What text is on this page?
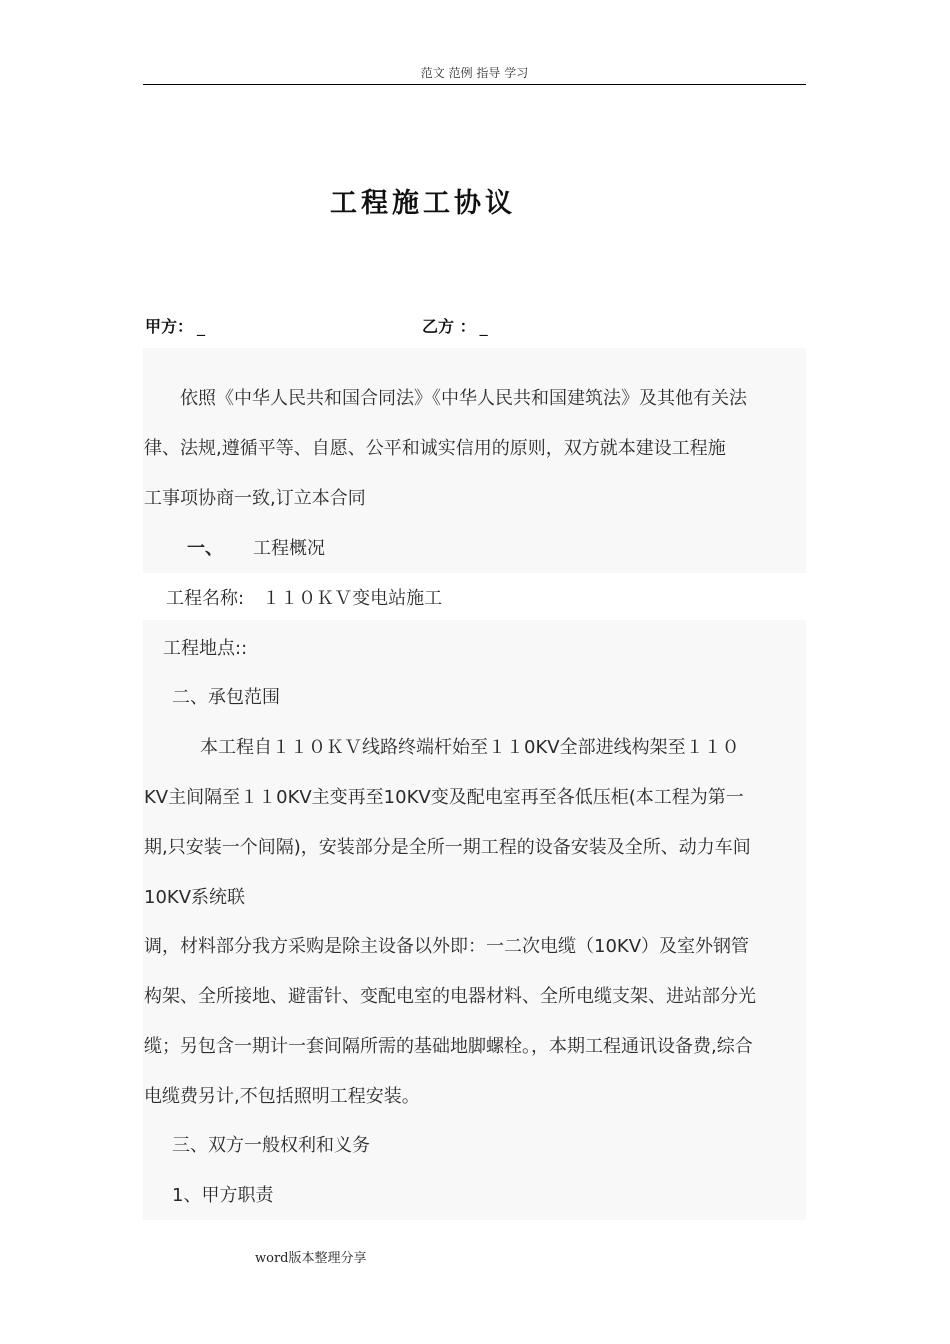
范文 范例 指导 学习
工程施工协议
甲方： _	乙方 ： _
依照《中华人民共和国合同法》《中华人民共和国建筑法》及其他有关法
律、法规,遵循平等、自愿、公平和诚实信用的原则，双方就本建设工程施
工事项协商一致,订立本合同
一、 工程概况
工程名称:　１１０ＫＶ变电站施工
工程地点::
二、承包范围
本工程自１１０ＫＶ线路终端杆始至１１0KV全部进线构架至１１０
KV主间隔至１１0KV主变再至10KV变及配电室再至各低压柜(本工程为第一
期,只安装一个间隔)，安装部分是全所一期工程的设备安装及全所、动力车间
10KV系统联
调，材料部分我方采购是除主设备以外即：一二次电缆（10KV）及室外钢管
构架、全所接地、避雷针、变配电室的电器材料、全所电缆支架、进站部分光
缆；另包含一期计一套间隔所需的基础地脚螺栓。，本期工程通讯设备费,综合
电缆费另计,不包括照明工程安装。
三、双方一般权利和义务
1、甲方职责
word版本整理分享
